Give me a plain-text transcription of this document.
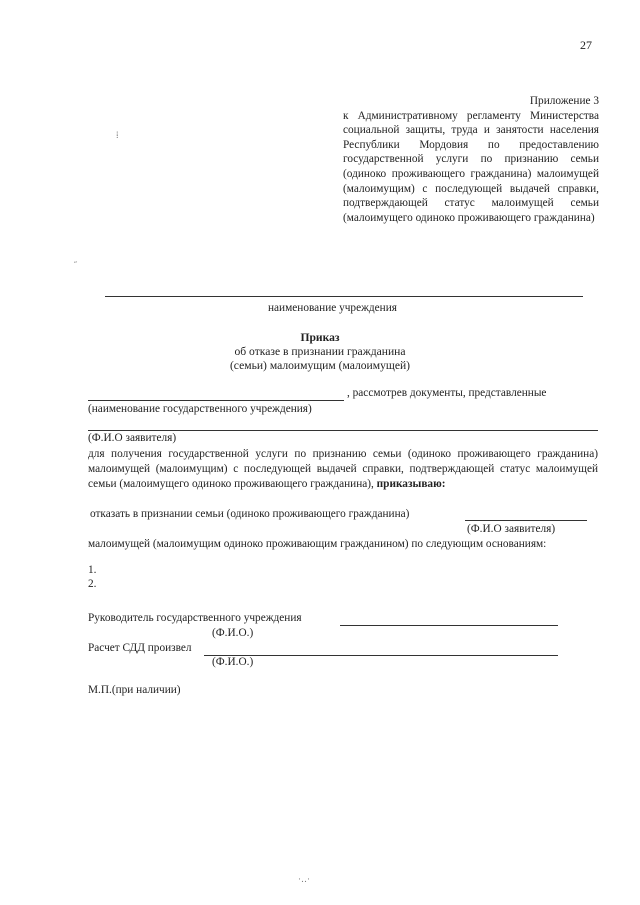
27
Приложение 3
к Административному регламенту Министерства социальной защиты, труда и занятости населения Республики Мордовия по предоставлению государственной услуги по признанию семьи (одиноко проживающего гражданина) малоимущей (малоимущим) с последующей выдачей справки, подтверждающей статус малоимущей семьи (малоимущего одиноко проживающего гражданина)
⁞
˶
наименование учреждения
Приказ
об отказе в признании гражданина
(семьи) малоимущим (малоимущей)
, рассмотрев документы, представленные
(наименование государственного учреждения)
(Ф.И.О заявителя)
для получения государственной услуги по признанию семьи (одиноко проживающего гражданина) малоимущей (малоимущим) с последующей выдачей справки, подтверждающей статус малоимущей семьи (малоимущего одиноко проживающего гражданина), приказываю:
отказать в признании семьи (одиноко проживающего гражданина)
(Ф.И.О заявителя)
малоимущей (малоимущим одиноко проживающим гражданином) по следующим основаниям:
1.
2.
Руководитель государственного учреждения
(Ф.И.О.)
Расчет СДД произвел
(Ф.И.О.)
М.П.(при наличии)
·‥·
